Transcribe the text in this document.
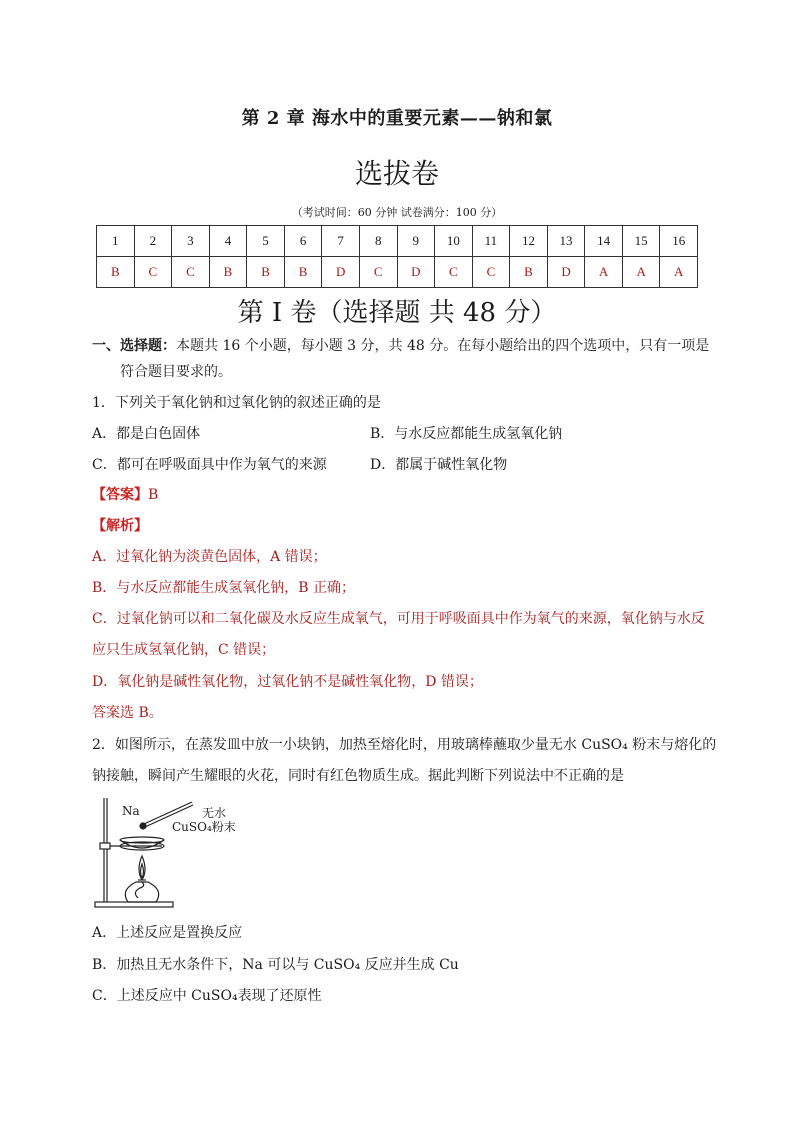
第 2 章 海水中的重要元素——钠和氯
选拔卷
（考试时间：60 分钟 试卷满分：100 分）
1	2	3	4	5	6	7	8	9	10	11	12	13	14	15	16
B	C	C	B	B	B	D	C	D	C	C	B	D	A	A	A
第 I 卷（选择题 共 48 分）
一、选择题：本题共 16 个小题，每小题 3 分，共 48 分。在每小题给出的四个选项中，只有一项是
符合题目要求的。
1．下列关于氧化钠和过氧化钠的叙述正确的是
A．都是白色固体	B．与水反应都能生成氢氧化钠
C．都可在呼吸面具中作为氧气的来源	D．都属于碱性氧化物
【答案】B
【解析】
A．过氧化钠为淡黄色固体，A 错误；
B．与水反应都能生成氢氧化钠，B 正确；
C．过氧化钠可以和二氧化碳及水反应生成氧气，可用于呼吸面具中作为氧气的来源，氧化钠与水反
应只生成氢氧化钠，C 错误；
D．氧化钠是碱性氧化物，过氧化钠不是碱性氧化物，D 错误；
答案选 B。
2．如图所示，在蒸发皿中放一小块钠，加热至熔化时，用玻璃棒蘸取少量无水 CuSO₄ 粉末与熔化的
钠接触，瞬间产生耀眼的火花，同时有红色物质生成。据此判断下列说法中不正确的是
Na	无水
CuSO₄粉末
A．上述反应是置换反应
B．加热且无水条件下，Na 可以与 CuSO₄ 反应并生成 Cu
C．上述反应中 CuSO₄表现了还原性
